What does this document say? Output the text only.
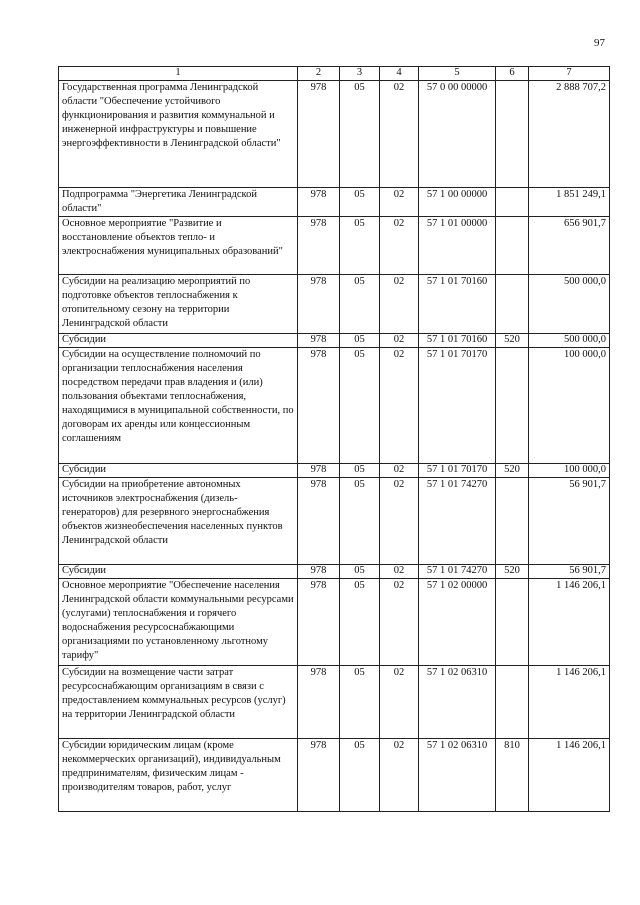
97
1	2	3	4	5	6	7
Государственная программа Ленинградской области "Обеспечение устойчивого функционирования и развития коммунальной и инженерной инфраструктуры и повышение энергоэффективности в Ленинградской области"	978	05	02	57 0 00 00000		2 888 707,2
Подпрограмма "Энергетика Ленинградской области"	978	05	02	57 1 00 00000		1 851 249,1
Основное мероприятие "Развитие и восстановление объектов тепло- и электроснабжения муниципальных образований"	978	05	02	57 1 01 00000		656 901,7
Субсидии на реализацию мероприятий по подготовке объектов теплоснабжения к отопительному сезону на территории Ленинградской области	978	05	02	57 1 01 70160		500 000,0
Субсидии	978	05	02	57 1 01 70160	520	500 000,0
Субсидии на осуществление полномочий по организации теплоснабжения населения посредством передачи прав владения и (или) пользования объектами теплоснабжения, находящимися в муниципальной собственности, по договорам их аренды или концессионным соглашениям	978	05	02	57 1 01 70170		100 000,0
Субсидии	978	05	02	57 1 01 70170	520	100 000,0
Субсидии на приобретение автономных источников электроснабжения (дизель-генераторов) для резервного энергоснабжения объектов жизнеобеспечения населенных пунктов Ленинградской области	978	05	02	57 1 01 74270		56 901,7
Субсидии	978	05	02	57 1 01 74270	520	56 901,7
Основное мероприятие "Обеспечение населения Ленинградской области коммунальными ресурсами (услугами) теплоснабжения и горячего водоснабжения ресурсоснабжающими организациями по установленному льготному тарифу"	978	05	02	57 1 02 00000		1 146 206,1
Субсидии на возмещение части затрат ресурсоснабжающим организациям в связи с предоставлением коммунальных ресурсов (услуг) на территории Ленинградской области	978	05	02	57 1 02 06310		1 146 206,1
Субсидии юридическим лицам (кроме некоммерческих организаций), индивидуальным предпринимателям, физическим лицам - производителям товаров, работ, услуг	978	05	02	57 1 02 06310	810	1 146 206,1
